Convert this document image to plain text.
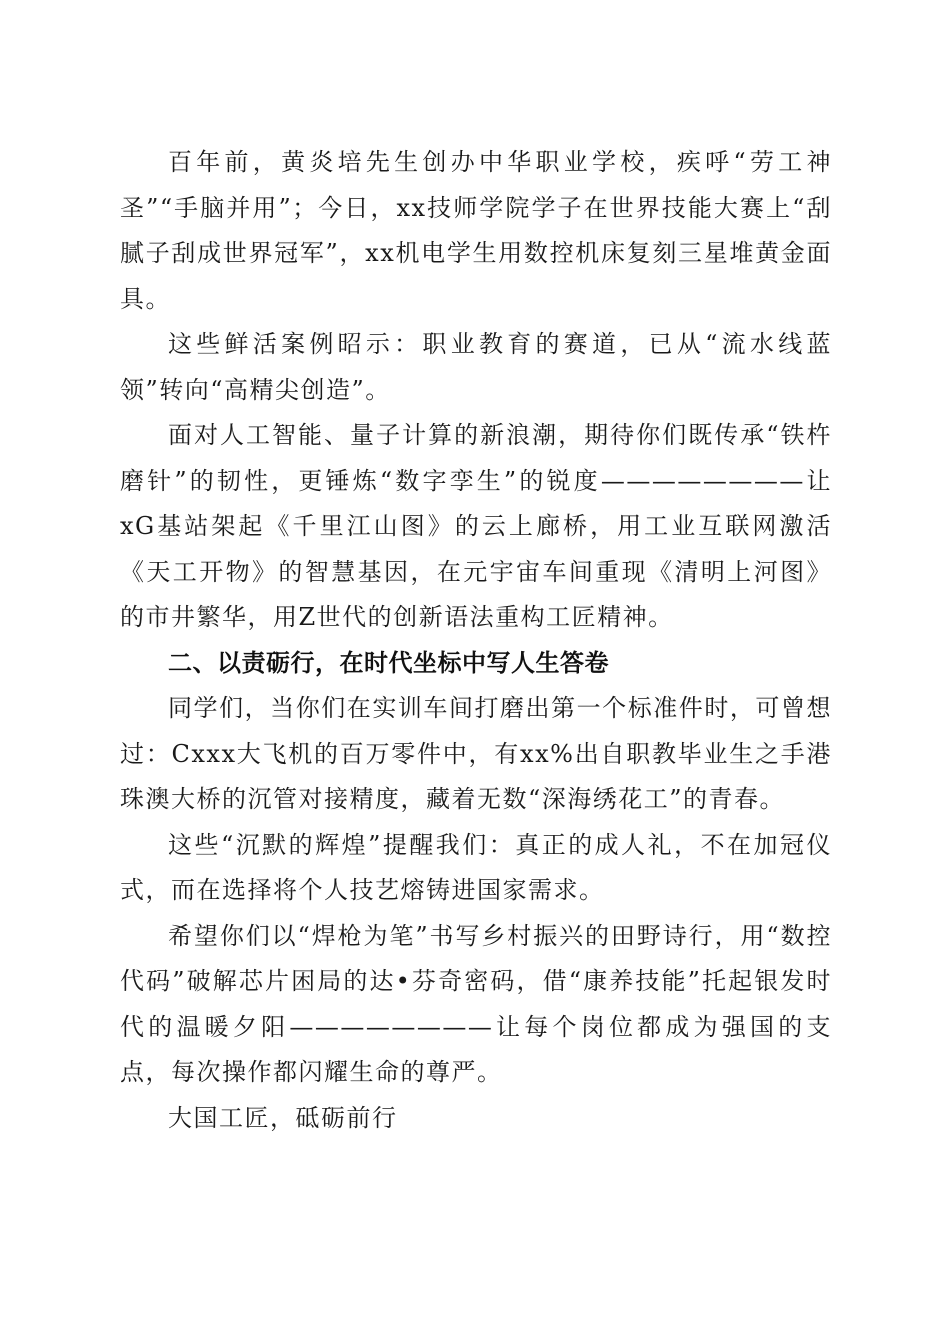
百年前，黄炎培先生创办中华职业学校，疾呼“劳工神圣”“手脑并用”；今日，xx技师学院学子在世界技能大赛上“刮腻子刮成世界冠军”，xx机电学生用数控机床复刻三星堆黄金面具。

这些鲜活案例昭示：职业教育的赛道，已从“流水线蓝领”转向“高精尖创造”。

面对人工智能、量子计算的新浪潮，期待你们既传承“铁杵磨针”的韧性，更锤炼“数字孪生”的锐度————————让xG基站架起《千里江山图》的云上廊桥，用工业互联网激活《天工开物》的智慧基因，在元宇宙车间重现《清明上河图》的市井繁华，用Z世代的创新语法重构工匠精神。

二、以责砺行，在时代坐标中写人生答卷

同学们，当你们在实训车间打磨出第一个标准件时，可曾想过：Cxxx大飞机的百万零件中，有xx%出自职教毕业生之手港珠澳大桥的沉管对接精度，藏着无数“深海绣花工”的青春。

这些“沉默的辉煌”提醒我们：真正的成人礼，不在加冠仪式，而在选择将个人技艺熔铸进国家需求。

希望你们以“焊枪为笔”书写乡村振兴的田野诗行，用“数控代码”破解芯片困局的达•芬奇密码，借“康养技能”托起银发时代的温暖夕阳————————让每个岗位都成为强国的支点，每次操作都闪耀生命的尊严。

大国工匠，砥砺前行
